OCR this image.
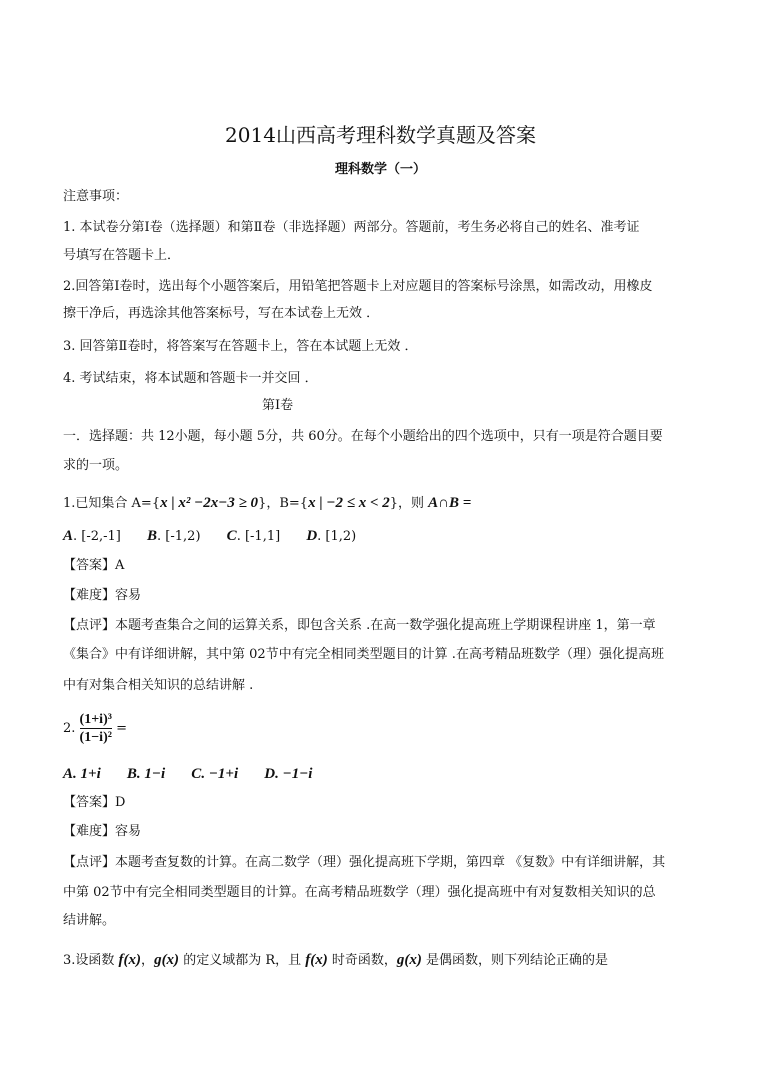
2014山西高考理科数学真题及答案
理科数学（一）
注意事项：
1. 本试卷分第Ⅰ卷（选择题）和第Ⅱ卷（非选择题）两部分。答题前，考生务必将自己的姓名、准考证
号填写在答题卡上．
2.回答第Ⅰ卷时，选出每个小题答案后，用铅笔把答题卡上对应题目的答案标号涂黑，如需改动，用橡皮
擦干净后，再选涂其他答案标号，写在本试卷上无效 ．
3. 回答第Ⅱ卷时，将答案写在答题卡上，答在本试题上无效 ．
4. 考试结束，将本试题和答题卡一并交回 ．
第Ⅰ卷
一．选择题：共 12小题，每小题 5分，共 60分。在每个小题给出的四个选项中，只有一项是符合题目要
求的一项。
1.已知集合 A={x | x² −2x−3 ≥ 0}，B={x | −2 ≤ x < 2}，则 A∩B =
A. [-2,-1] B. [-1,2) C. [-1,1] D. [1,2)
【答案】A
【难度】容易
【点评】本题考查集合之间的运算关系，即包含关系 .在高一数学强化提高班上学期课程讲座 1，第一章
《集合》中有详细讲解，其中第 02节中有完全相同类型题目的计算 .在高考精品班数学（理）强化提高班
中有对集合相关知识的总结讲解 .
2. $\frac{\text{(1+i)³}}{\text{(1−i)²}}$ =
A. 1+i B. 1−i C. −1+i D. −1−i
【答案】D
【难度】容易
【点评】本题考查复数的计算。在高二数学（理）强化提高班下学期，第四章 《复数》中有详细讲解，其
中第 02节中有完全相同类型题目的计算。在高考精品班数学（理）强化提高班中有对复数相关知识的总
结讲解。
3.设函数 f(x)，g(x) 的定义域都为 R，且 f(x) 时奇函数，g(x) 是偶函数，则下列结论正确的是
